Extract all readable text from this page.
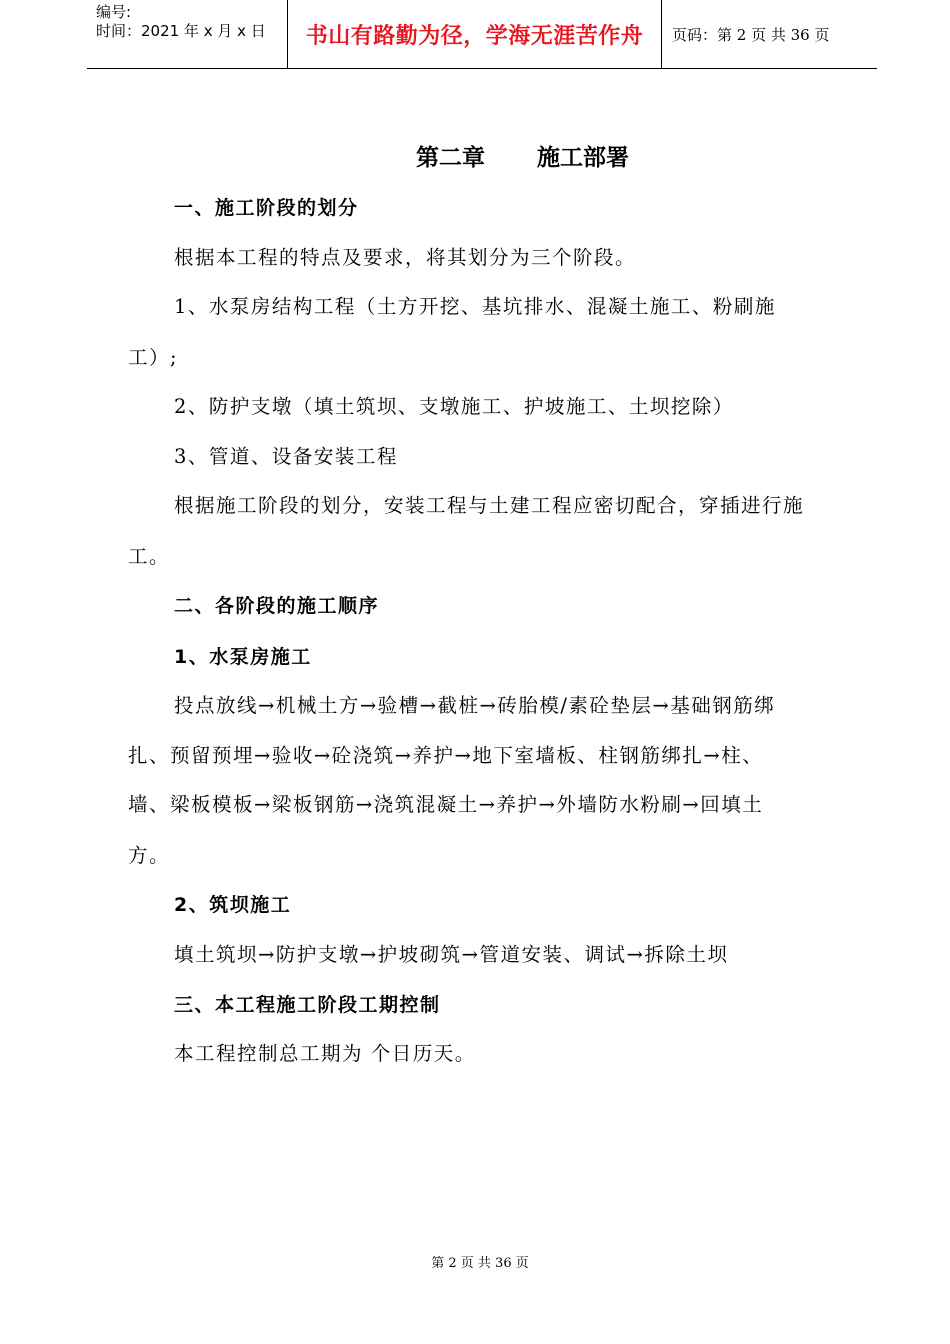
编号:
时间：2021 年 x 月 x 日	书山有路勤为径，学海无涯苦作舟	页码：第 2 页 共 36 页
第二章 施工部署
一、施工阶段的划分
根据本工程的特点及要求，将其划分为三个阶段。
1、水泵房结构工程（土方开挖、基坑排水、混凝土施工、粉刷施
工）;
2、防护支墩（填土筑坝、支墩施工、护坡施工、土坝挖除）
3、管道、设备安装工程
根据施工阶段的划分，安装工程与土建工程应密切配合，穿插进行施
工。
二、各阶段的施工顺序
1、水泵房施工
投点放线→机械土方→验槽→截桩→砖胎模/素砼垫层→基础钢筋绑
扎、预留预埋→验收→砼浇筑→养护→地下室墙板、柱钢筋绑扎→柱、
墙、梁板模板→梁板钢筋→浇筑混凝土→养护→外墙防水粉刷→回填土
方。
2、筑坝施工
填土筑坝→防护支墩→护坡砌筑→管道安装、调试→拆除土坝
三、本工程施工阶段工期控制
本工程控制总工期为 个日历天。
第 2 页 共 36 页
